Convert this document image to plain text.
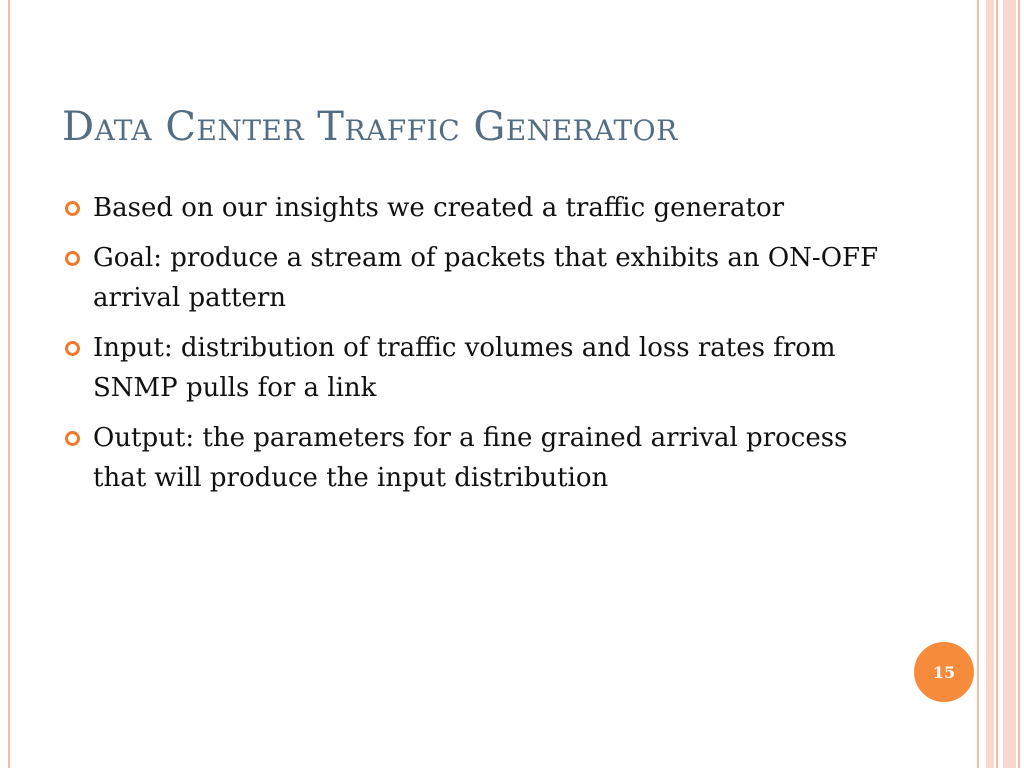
Data Center Traffic Generator
Based on our insights we created a traffic generator
Goal: produce a stream of packets that exhibits an ON-OFF arrival pattern
Input: distribution of traffic volumes and loss rates from SNMP pulls for a link
Output: the parameters for a fine grained arrival process that will produce the input distribution
15
